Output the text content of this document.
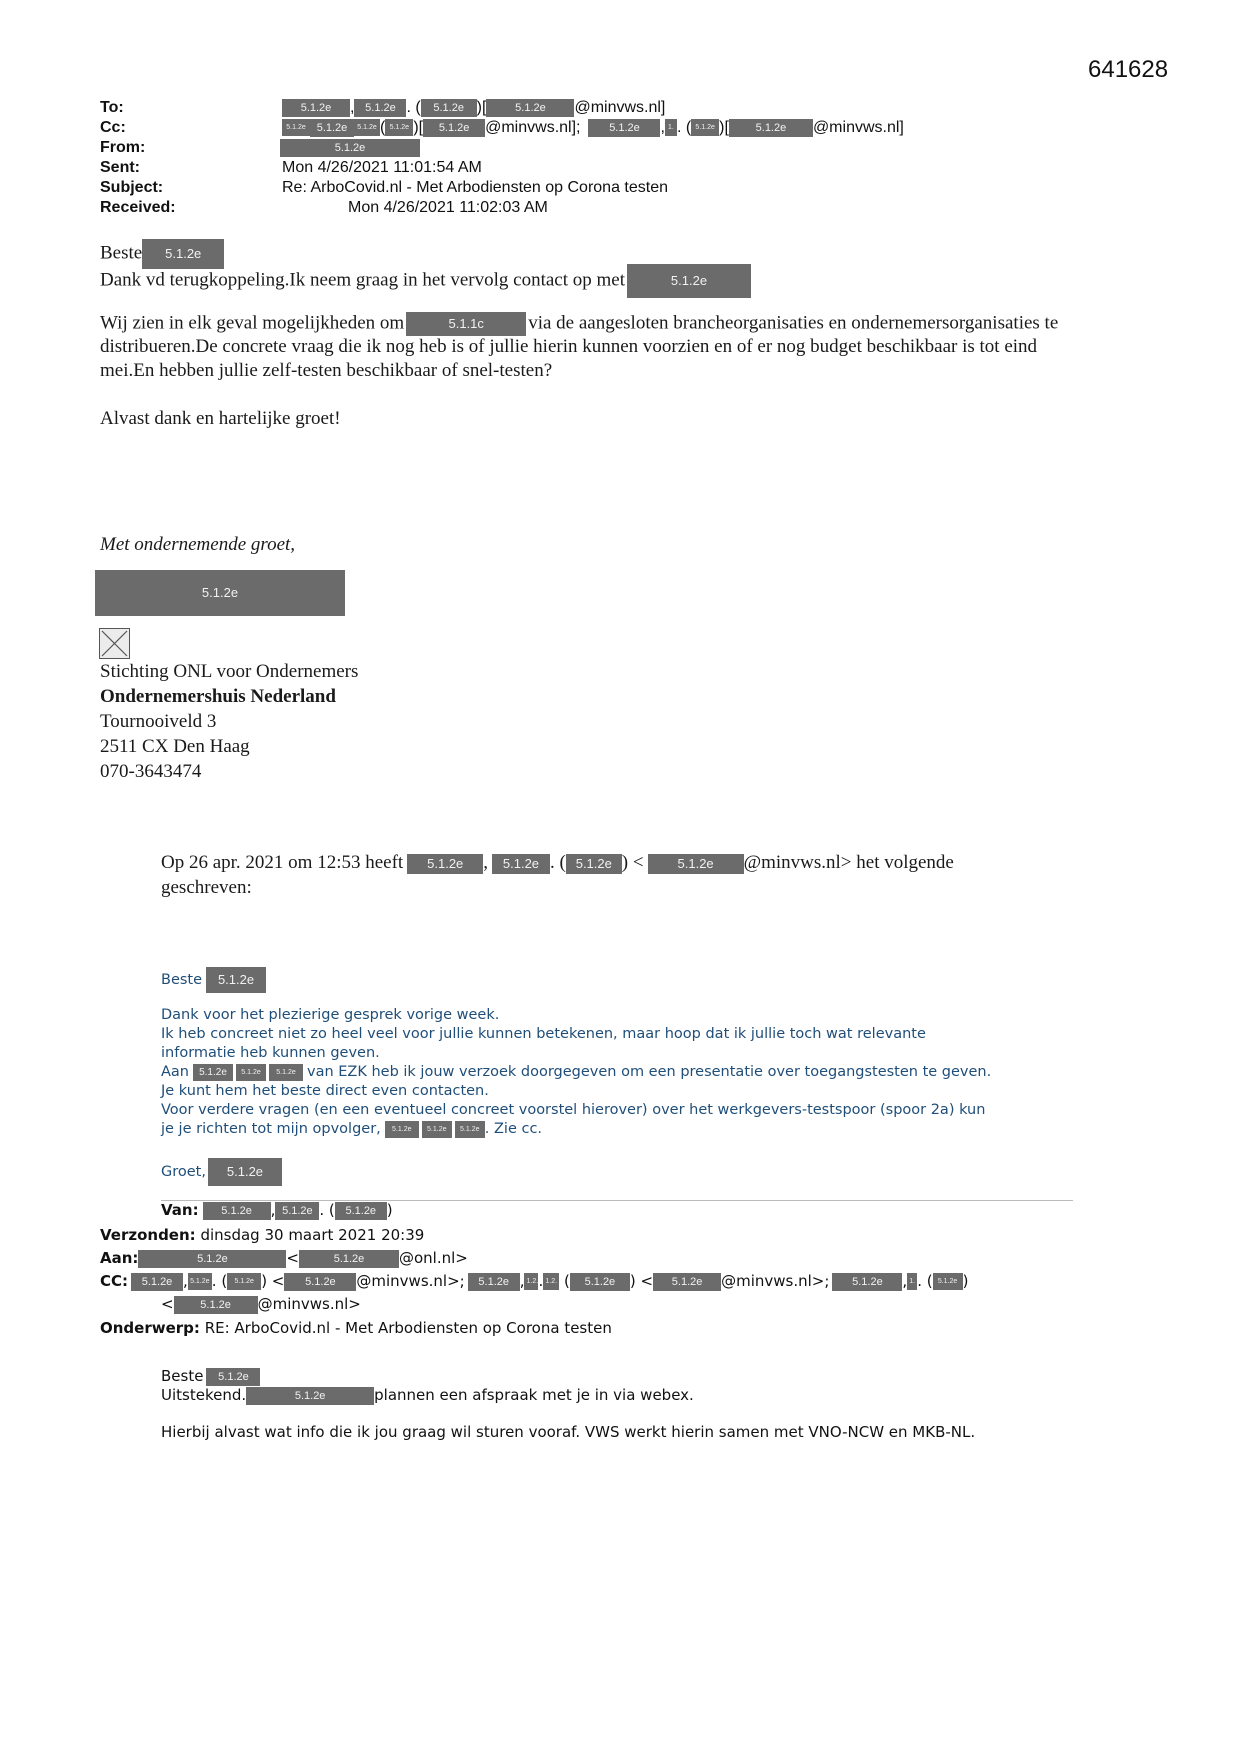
641628
To:	5.1.2e , 5.1.2e . ( 5.1.2e )[	5.1.2e @minvws.nl]
Cc:	5.1.2e 5.1.2e 5.1.2e ( 5.1.2e )[ 5.1.2e @minvws.nl];	5.1.2e , 1. . ( 5.1.2e )[ 5.1.2e @minvws.nl]
From:	5.1.2e
Sent:	Mon 4/26/2021 11:01:54 AM
Subject:	Re: ArboCovid.nl - Met Arbodiensten op Corona testen
Received:	Mon 4/26/2021 11:02:03 AM
Beste 5.1.2e
Dank vd terugkoppeling.Ik neem graag in het vervolg contact op met	5.1.2e
Wij zien in elk geval mogelijkheden om	5.1.1c via de aangesloten brancheorganisaties en ondernemersorganisaties te
distribueren.De concrete vraag die ik nog heb is of jullie hierin kunnen voorzien en of er nog budget beschikbaar is tot eind
mei.En hebben jullie zelf-testen beschikbaar of snel-testen?
Alvast dank en hartelijke groet!
Met ondernemende groet,
5.1.2e
Stichting ONL voor Ondernemers
Ondernemershuis Nederland
Tournooiveld 3
2511 CX Den Haag
070-3643474
Op 26 apr. 2021 om 12:53 heeft 5.1.2e , 5.1.2e . ( 5.1.2e ) <	5.1.2e @minvws.nl> het volgende
geschreven:
Beste 5.1.2e
Dank voor het plezierige gesprek vorige week.
Ik heb concreet niet zo heel veel voor jullie kunnen betekenen, maar hoop dat ik jullie toch wat relevante
informatie heb kunnen geven.
Aan 5.1.2e 5.1.2e 5.1.2e van EZK heb ik jouw verzoek doorgegeven om een presentatie over toegangstesten te geven.
Je kunt hem het beste direct even contacten.
Voor verdere vragen (en een eventueel concreet voorstel hierover) over het werkgevers-testspoor (spoor 2a) kun
je je richten tot mijn opvolger, 5.1.2e 5.1.2e 5.1.2e . Zie cc.
Groet, 5.1.2e
Van: 5.1.2e , 5.1.2e . ( 5.1.2e )
Verzonden: dinsdag 30 maart 2021 20:39
Aan:	5.1.2e	<	5.1.2e @onl.nl>
CC: 5.1.2e , 5.1.2e . ( 5.1.2e ) < 5.1.2e @minvws.nl>; 5.1.2e , 1.2.. 1.2. ( 5.1.2e ) < 5.1.2e @minvws.nl>; 5.1.2e , 1. . ( 5.1.2e )
< 5.1.2e @minvws.nl>
Onderwerp: RE: ArboCovid.nl - Met Arbodiensten op Corona testen
Beste 5.1.2e
Uitstekend.	5.1.2e	plannen een afspraak met je in via webex.
Hierbij alvast wat info die ik jou graag wil sturen vooraf. VWS werkt hierin samen met VNO-NCW en MKB-NL.
